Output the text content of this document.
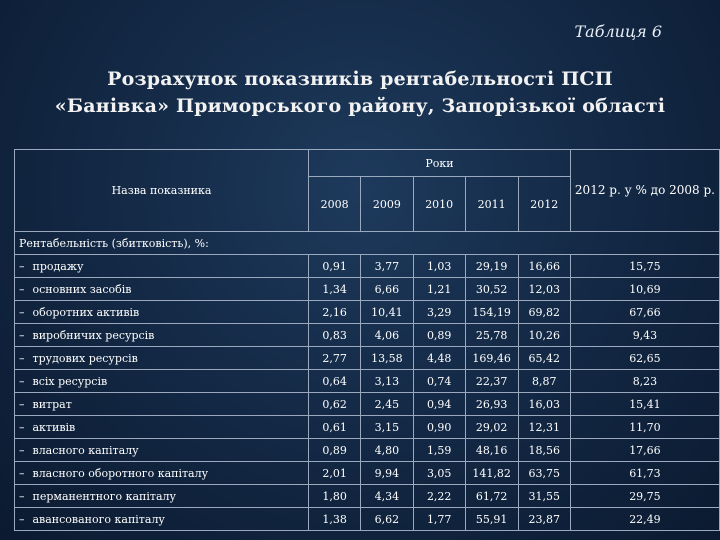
Таблиця 6
Розрахунок показників рентабельності ПСП
«Банівка» Приморського району, Запорізької області
Назва показника	Роки					2012 р. у % до 2008 р.
	2008	2009	2010	2011	2012	
Рентабельність (збитковість), %:						
– продажу	0,91	3,77	1,03	29,19	16,66	15,75
– основних засобів	1,34	6,66	1,21	30,52	12,03	10,69
– оборотних активів	2,16	10,41	3,29	154,19	69,82	67,66
– виробничих ресурсів	0,83	4,06	0,89	25,78	10,26	9,43
– трудових ресурсів	2,77	13,58	4,48	169,46	65,42	62,65
– всіх ресурсів	0,64	3,13	0,74	22,37	8,87	8,23
– витрат	0,62	2,45	0,94	26,93	16,03	15,41
– активів	0,61	3,15	0,90	29,02	12,31	11,70
– власного капіталу	0,89	4,80	1,59	48,16	18,56	17,66
– власного оборотного капіталу	2,01	9,94	3,05	141,82	63,75	61,73
– перманентного капіталу	1,80	4,34	2,22	61,72	31,55	29,75
– авансованого капіталу	1,38	6,62	1,77	55,91	23,87	22,49
